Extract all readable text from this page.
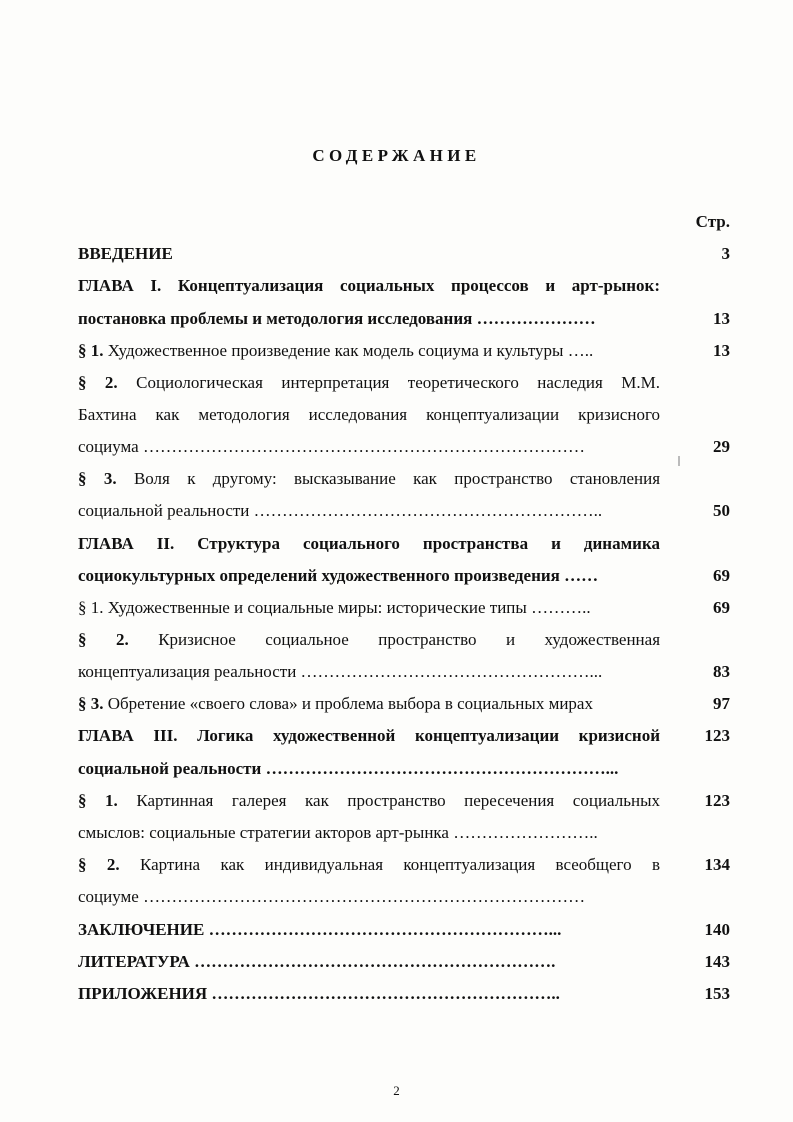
СОДЕРЖАНИЕ
Стр.
ВВЕДЕНИЕ	3
ГЛАВА I. Концептуализация социальных процессов и арт-рынок:
постановка проблемы и методология исследования …………………	13
§ 1. Художественное произведение как модель социума и культуры …..	13
§ 2. Социологическая интерпретация теоретического наследия М.М.
Бахтина как методология исследования концептуализации кризисного
социума ……………………………………………………………………	29
§ 3. Воля к другому: высказывание как пространство становления
социальной реальности ……………………………………………………..	50
ГЛАВА II. Структура социального пространства и динамика
социокультурных определений художественного произведения ……	69
§ 1. Художественные и социальные миры: исторические типы ………..	69
§ 2. Кризисное социальное пространство и художественная
концептуализация реальности ……………………………………………...	83
§ 3. Обретение «своего слова» и проблема выбора в социальных мирах	97
ГЛАВА III. Логика художественной концептуализации кризисной	123
социальной реальности ……………………………………………………...
§ 1. Картинная галерея как пространство пересечения социальных	123
смыслов: социальные стратегии акторов арт-рынка ……………………..
§ 2. Картина как индивидуальная концептуализация всеобщего в	134
социуме ……………………………………………………………………
ЗАКЛЮЧЕНИЕ ……………………………………………………...	140
ЛИТЕРАТУРА ……………………………………………………….	143
ПРИЛОЖЕНИЯ ……………………………………………………..	153
2
